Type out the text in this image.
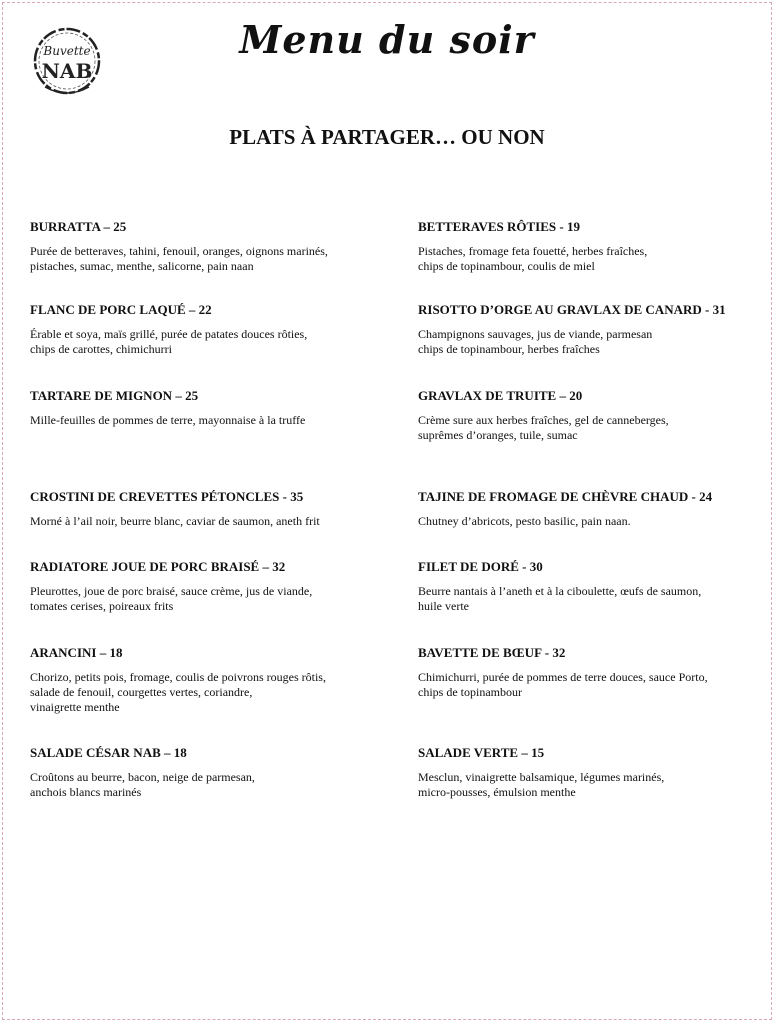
Buvette
NAB
Menu du soir
PLATS À PARTAGER… OU NON

BURRATTA – 25

Purée de betteraves, tahini, fenouil, oranges, oignons marinés,
pistaches, sumac, menthe, salicorne, pain naan

FLANC DE PORC LAQUÉ – 22

Érable et soya, maïs grillé, purée de patates douces rôties,
chips de carottes, chimichurri

TARTARE DE MIGNON – 25

Mille-feuilles de pommes de terre, mayonnaise à la truffe

CROSTINI DE CREVETTES PÉTONCLES - 35

Morné à l’ail noir, beurre blanc, caviar de saumon, aneth frit

RADIATORE JOUE DE PORC BRAISÉ – 32

Pleurottes, joue de porc braisé, sauce crème, jus de viande,
tomates cerises, poireaux frits

ARANCINI – 18

Chorizo, petits pois, fromage, coulis de poivrons rouges rôtis,
salade de fenouil, courgettes vertes, coriandre,
vinaigrette menthe

SALADE CÉSAR NAB – 18

Croûtons au beurre, bacon, neige de parmesan,
anchois blancs marinés

BETTERAVES RÔTIES - 19

Pistaches, fromage feta fouetté, herbes fraîches,
chips de topinambour, coulis de miel

RISOTTO D’ORGE AU GRAVLAX DE CANARD - 31

Champignons sauvages, jus de viande, parmesan
chips de topinambour, herbes fraîches

GRAVLAX DE TRUITE – 20

Crème sure aux herbes fraîches, gel de canneberges,
suprêmes d’oranges, tuile, sumac

TAJINE DE FROMAGE DE CHÈVRE CHAUD - 24

Chutney d’abricots, pesto basilic, pain naan.

FILET DE DORÉ - 30

Beurre nantais à l’aneth et à la ciboulette, œufs de saumon,
huile verte

BAVETTE DE BŒUF - 32

Chimichurri, purée de pommes de terre douces, sauce Porto,
chips de topinambour

SALADE VERTE – 15

Mesclun, vinaigrette balsamique, légumes marinés,
micro-pousses, émulsion menthe
